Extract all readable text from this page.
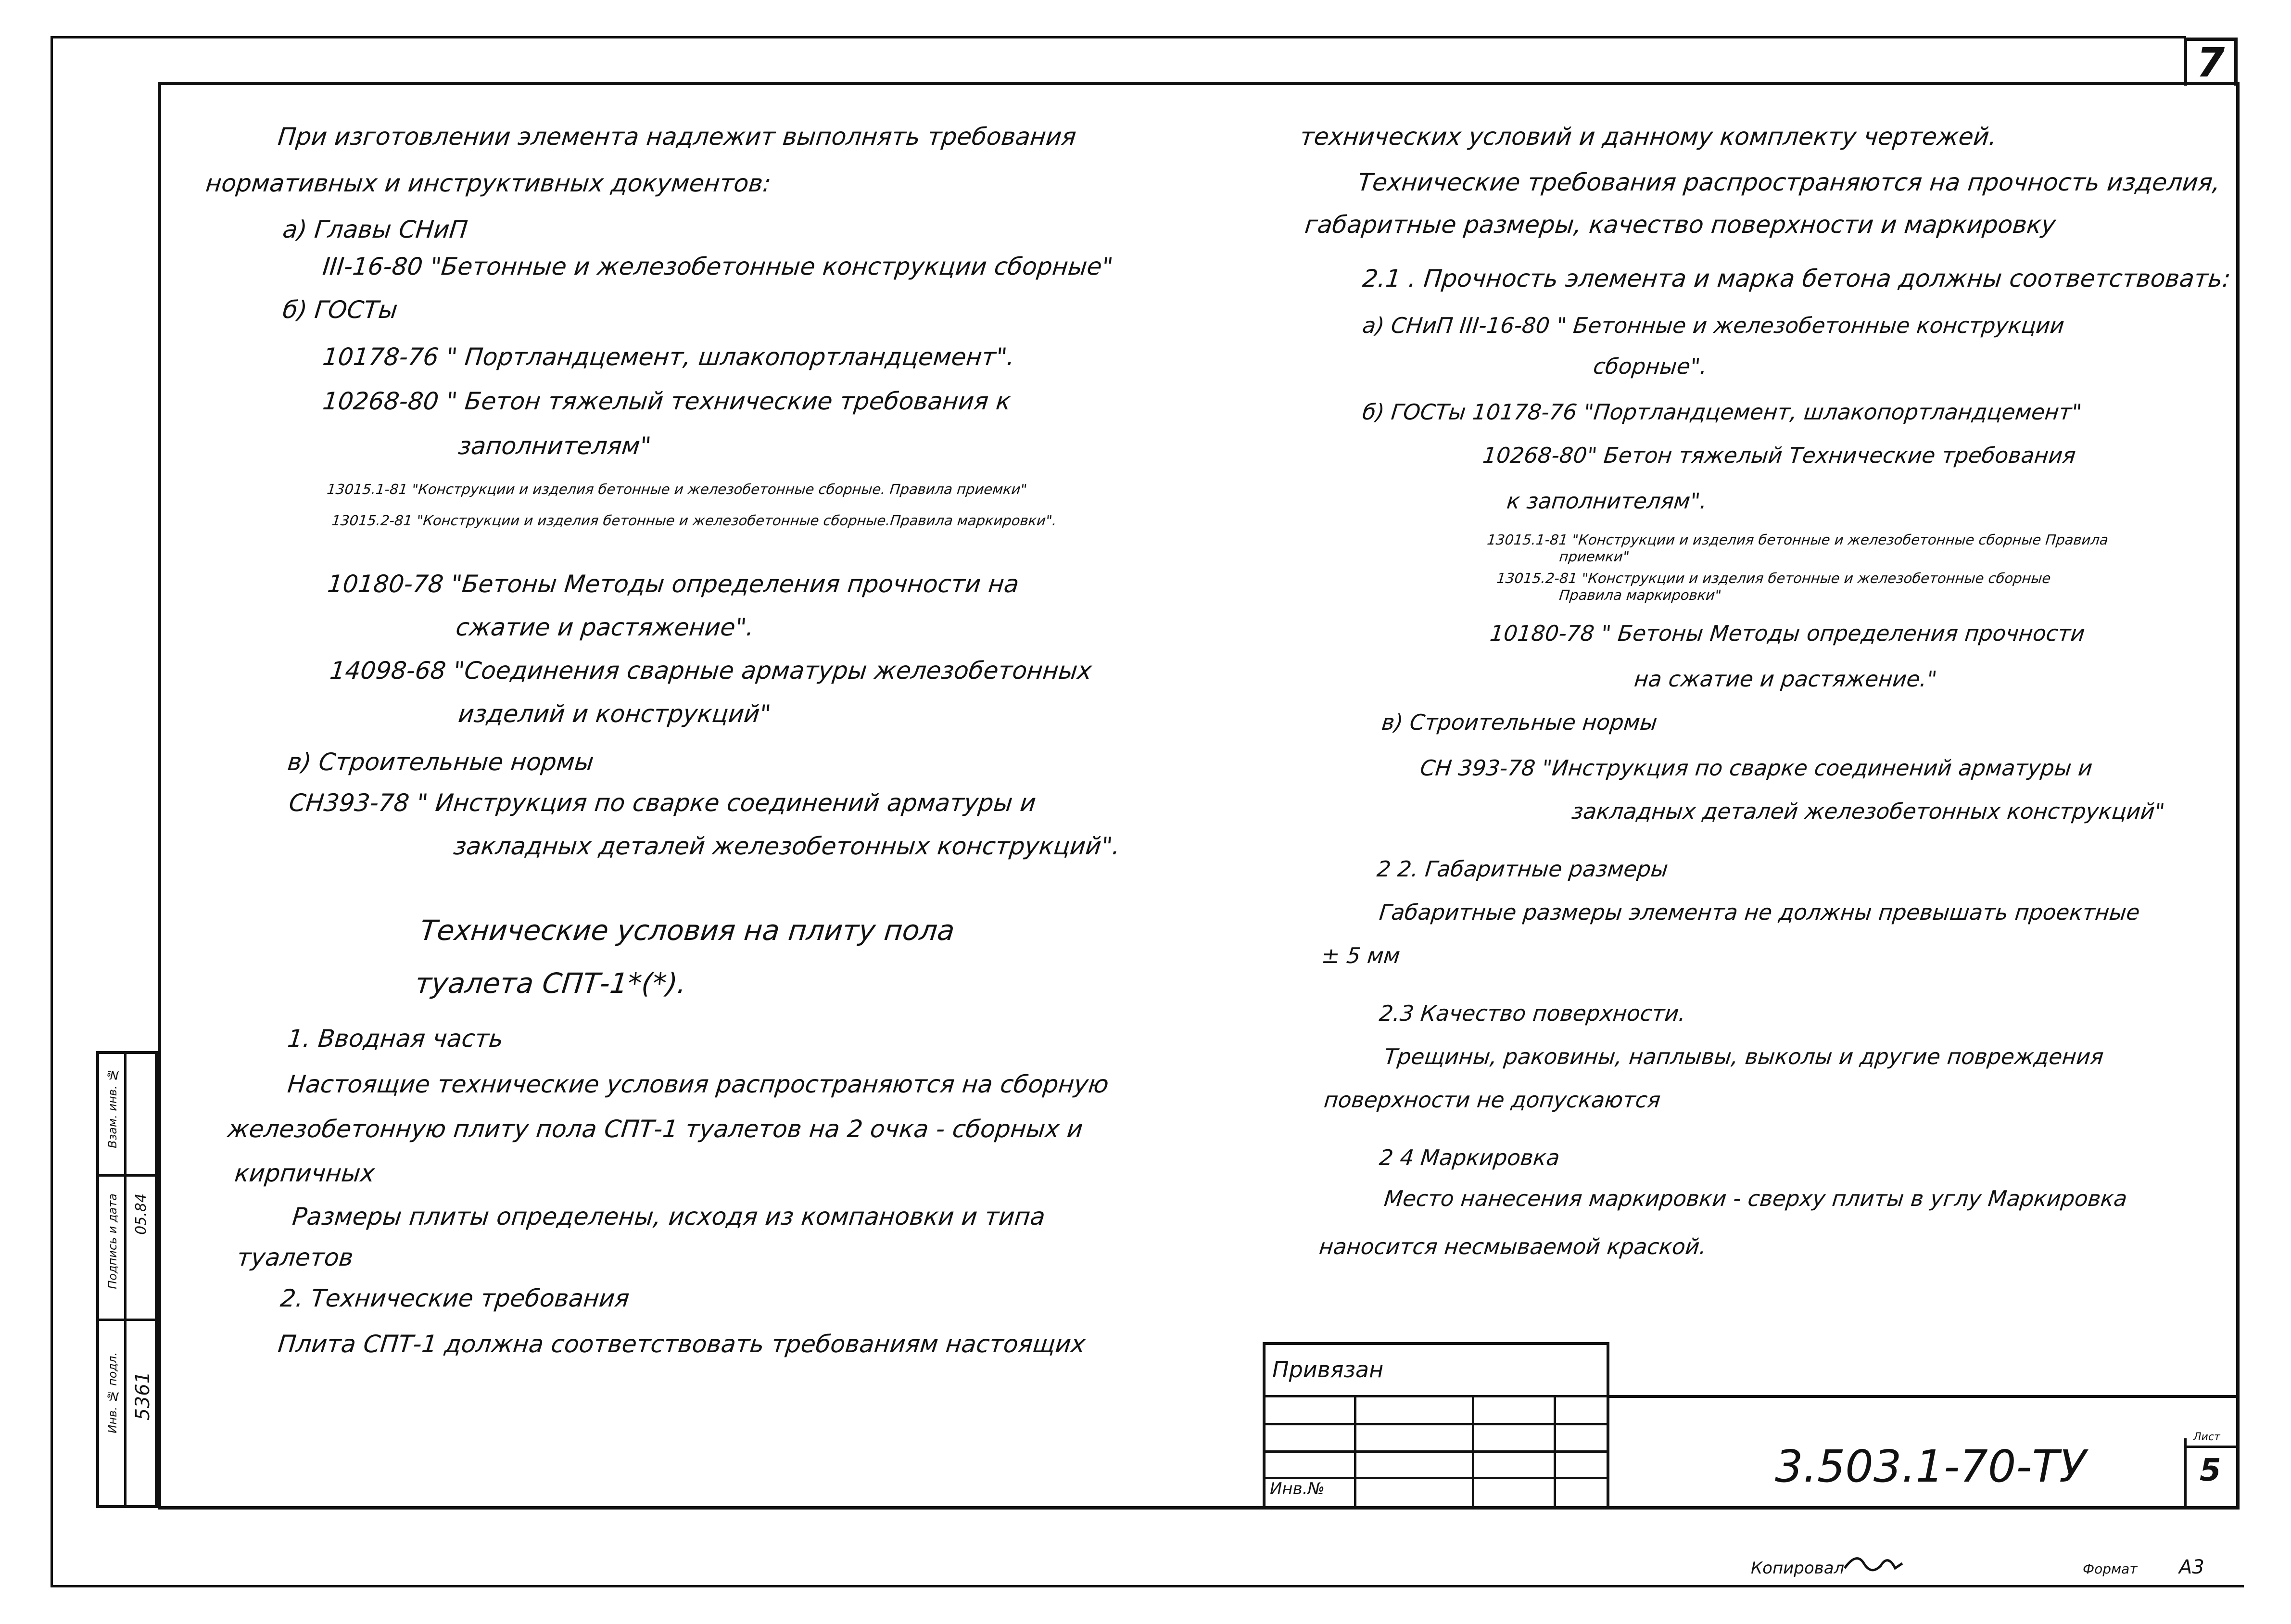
7
При изготовлении элемента надлежит выполнять требования
нормативных и инструктивных документов:
а) Главы СНиП
III-16-80 "Бетонные и железобетонные конструкции сборные"
б) ГОСТы
10178-76 " Портландцемент, шлакопортландцемент".
10268-80 " Бетон тяжелый технические требования к
заполнителям"
13015.1-81 "Конструкции и изделия бетонные и железобетонные сборные. Правила приемки"
13015.2-81 "Конструкции и изделия бетонные и железобетонные сборные.Правила маркировки".
10180-78 "Бетоны Методы определения прочности на
сжатие и растяжение".
14098-68 "Соединения сварные арматуры железобетонных
изделий и конструкций"
в) Строительные нормы
СН393-78 " Инструкция по сварке соединений арматуры и
закладных деталей железобетонных конструкций".
Технические условия на плиту пола
туалета СПТ-1*(*).
1. Вводная часть
Настоящие технические условия распространяются на сборную
железобетонную плиту пола СПТ-1 туалетов на 2 очка - сборных и
кирпичных
Размеры плиты определены, исходя из компановки и типа
туалетов
2. Технические требования
Плита СПТ-1 должна соответствовать требованиям настоящих
технических условий и данному комплекту чертежей.
Технические требования распространяются на прочность изделия,
габаритные размеры, качество поверхности и маркировку
2.1 . Прочность элемента и марка бетона должны соответствовать:
а) СНиП III-16-80 " Бетонные и железобетонные конструкции
сборные".
б) ГОСТы 10178-76 "Портландцемент, шлакопортландцемент"
10268-80" Бетон тяжелый Технические требования
к заполнителям".
13015.1-81 "Конструкции и изделия бетонные и железобетонные сборные Правила
приемки"
13015.2-81 "Конструкции и изделия бетонные и железобетонные сборные
Правила маркировки"
10180-78 " Бетоны Методы определения прочности
на сжатие и растяжение."
в) Строительные нормы
СН 393-78 "Инструкция по сварке соединений арматуры и
закладных деталей железобетонных конструкций"
2 2. Габаритные размеры
Габаритные размеры элемента не должны превышать проектные
± 5 мм
2.3 Качество поверхности.
Трещины, раковины, наплывы, выколы и другие повреждения
поверхности не допускаются
2 4 Маркировка
Место нанесения маркировки - сверху плиты в углу Маркировка
наносится несмываемой краской.
Взам. инв. №
Подпись и дата 05.84
Инв. № подл. 5361
Привязан
Инв.№	3.503.1-70-ТУ
Лист
5
Копировал	Формат А3
